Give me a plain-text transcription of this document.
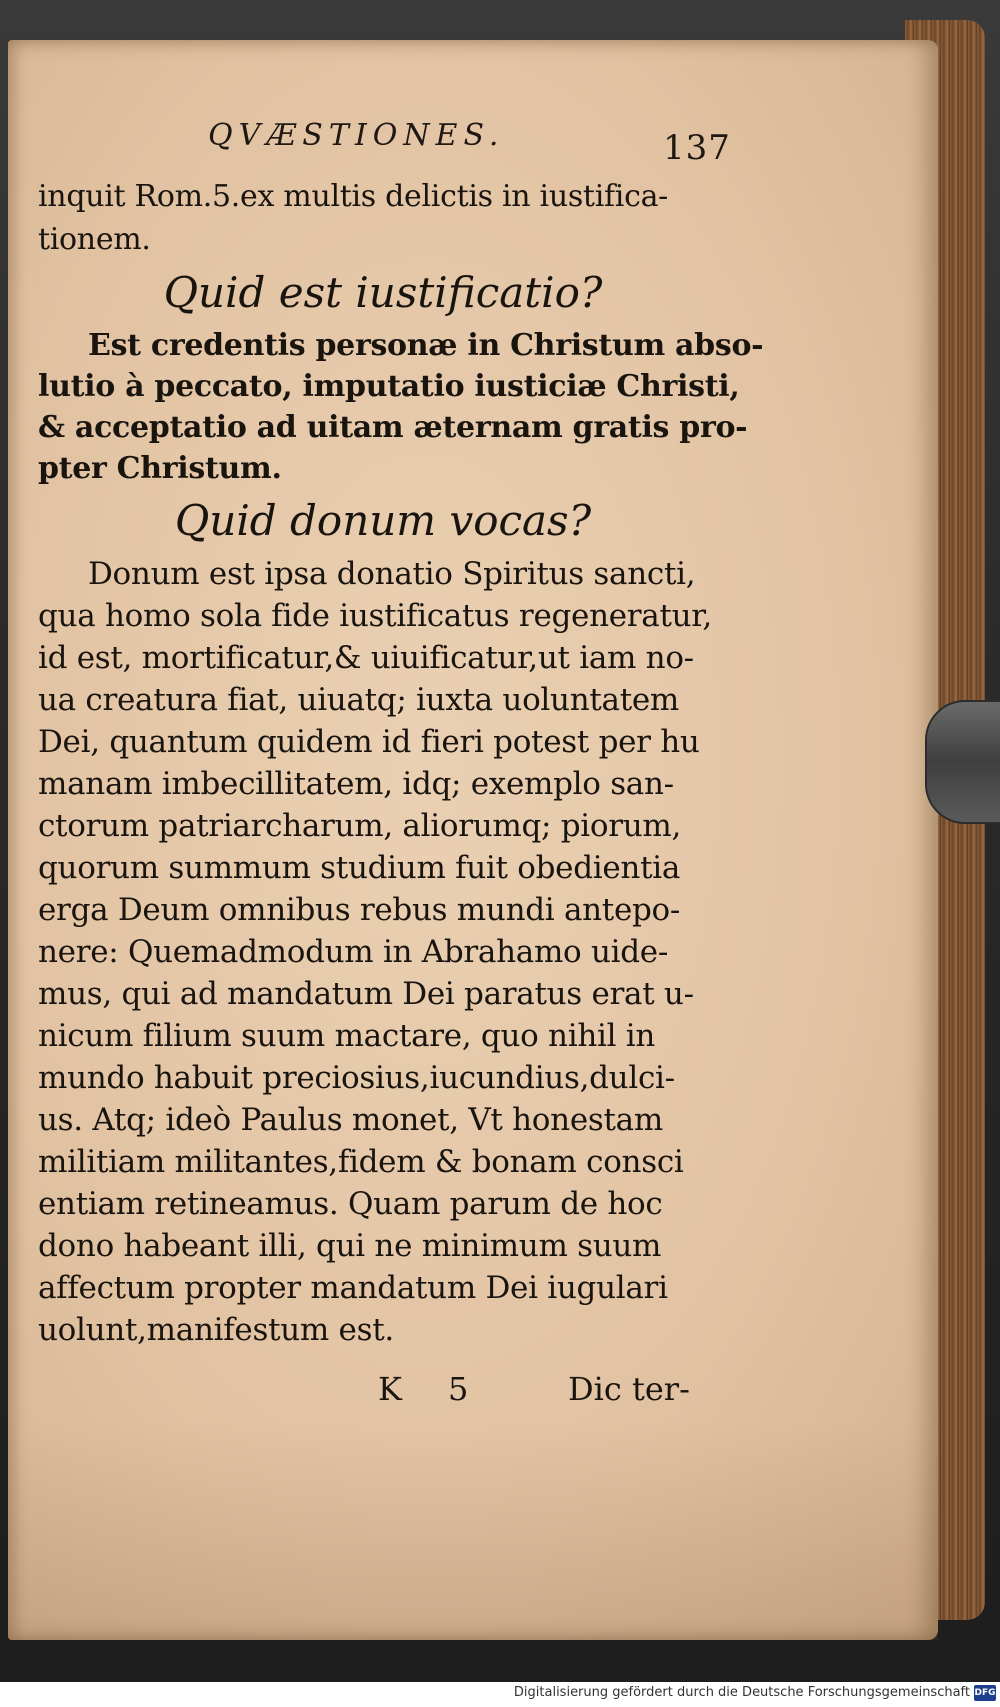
QVÆSTIONES.	137
inquit Rom.5.ex multis delictis in iustifica-
tionem.
Quid est iustificatio?
Est credentis personæ in Christum abso-
lutio à peccato, imputatio iusticiæ Christi,
& acceptatio ad uitam æternam gratis pro-
pter Christum.
Quid donum vocas?
Donum est ipsa donatio Spiritus sancti,
qua homo sola fide iustificatus regeneratur,
id est, mortificatur,& uiuificatur,ut iam no-
ua creatura fiat, uiuatq; iuxta uoluntatem
Dei, quantum quidem id fieri potest per hu
manam imbecillitatem, idq; exemplo san-
ctorum patriarcharum, aliorumq; piorum,
quorum summum studium fuit obedientia
erga Deum omnibus rebus mundi antepo-
nere: Quemadmodum in Abrahamo uide-
mus, qui ad mandatum Dei paratus erat u-
nicum filium suum mactare, quo nihil in
mundo habuit preciosius,iucundius,dulci-
us. Atq; ideò Paulus monet, Vt honestam
militiam militantes,fidem & bonam consci
entiam retineamus. Quam parum de hoc
dono habeant illi, qui ne minimum suum
affectum propter mandatum Dei iugulari
uolunt,manifestum est.
K 5	Dic ter-
Digitalisierung gefördert durch die Deutsche Forschungsgemeinschaft DFG
